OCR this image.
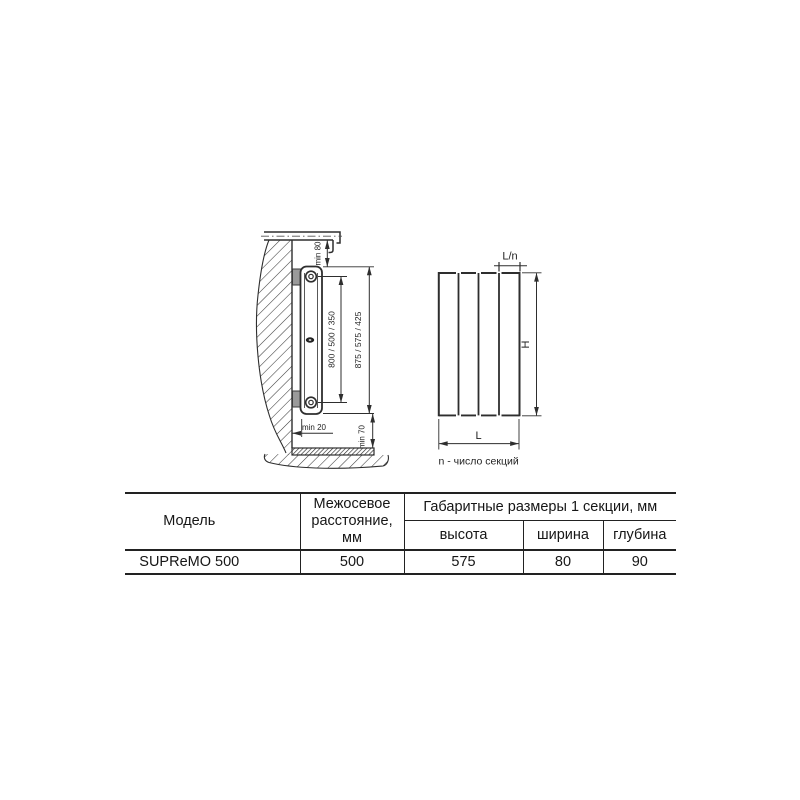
min 80
800 / 500 / 350 875 / 575 / 425
min 20	min 70
L/n
H
L
n - число секций
Модель	Межосевое расстояние, мм	Габаритные размеры 1 секции, мм		
		высота	ширина	глубина
SUPReMO 500	500	575	80	90
